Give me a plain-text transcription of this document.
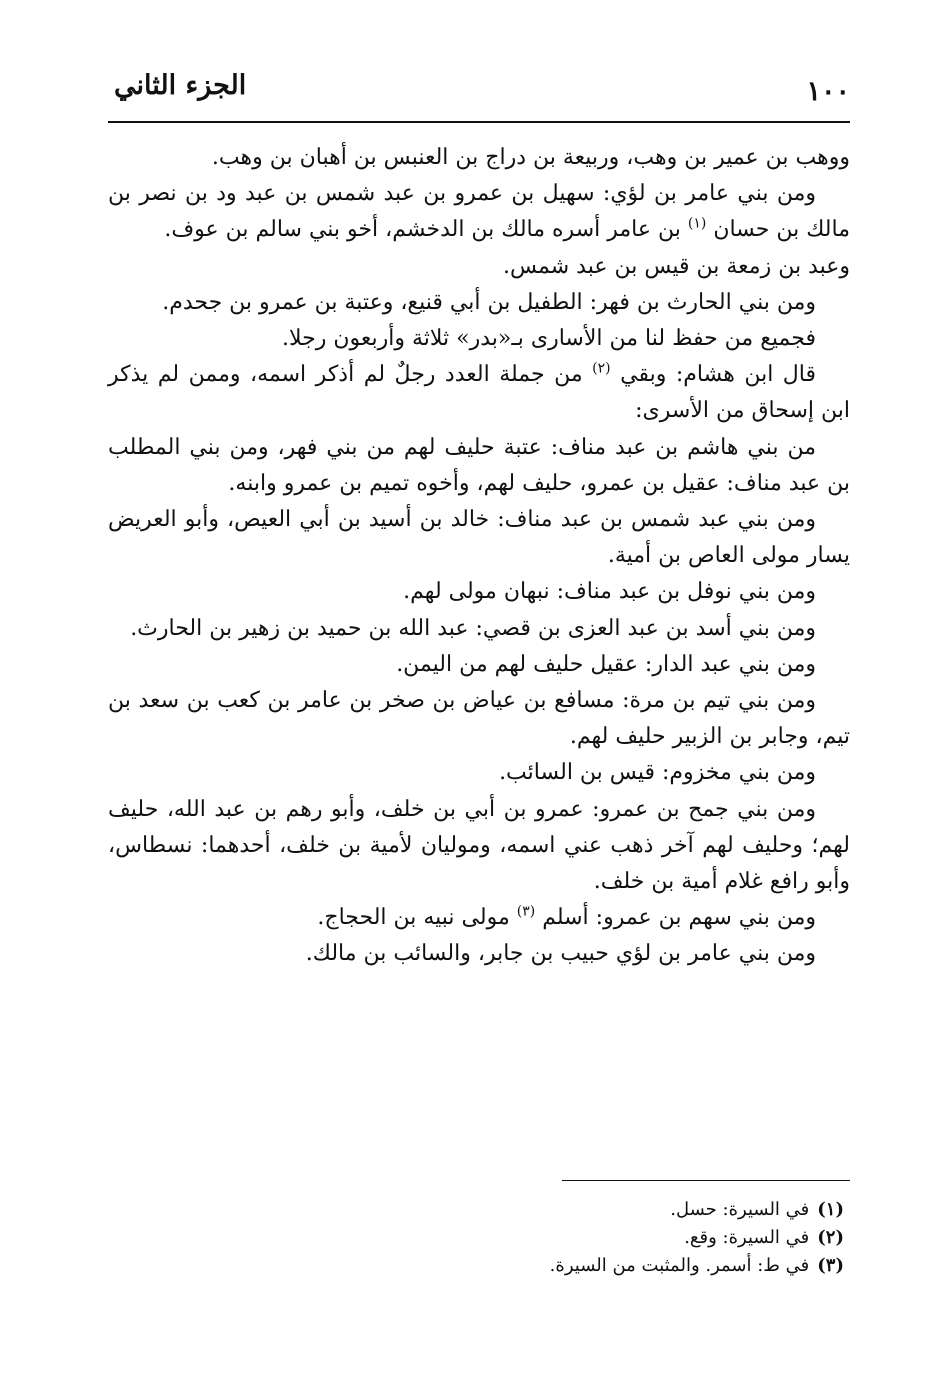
١٠٠
الجزء الثاني

ووهب بن عمير بن وهب، وربيعة بن دراج بن العنبس بن أهبان بن وهب.

ومن بني عامر بن لؤي: سهيل بن عمرو بن عبد شمس بن عبد ود بن نصر بن مالك بن حسان $^{(١)}$ بن عامر أسره مالك بن الدخشم، أخو بني سالم بن عوف.

وعبد بن زمعة بن قيس بن عبد شمس.

ومن بني الحارث بن فهر: الطفيل بن أبي قنيع، وعتبة بن عمرو بن جحدم.

فجميع من حفظ لنا من الأسارى بـ«بدر» ثلاثة وأربعون رجلا.

قال ابن هشام: وبقي $^{(٢)}$ من جملة العدد رجلٌ لم أذكر اسمه، وممن لم يذكر ابن إسحاق من الأسرى:

من بني هاشم بن عبد مناف: عتبة حليف لهم من بني فهر، ومن بني المطلب بن عبد مناف: عقيل بن عمرو، حليف لهم، وأخوه تميم بن عمرو وابنه.

ومن بني عبد شمس بن عبد مناف: خالد بن أسيد بن أبي العيص، وأبو العريض يسار مولى العاص بن أمية.

ومن بني نوفل بن عبد مناف: نبهان مولى لهم.

ومن بني أسد بن عبد العزى بن قصي: عبد الله بن حميد بن زهير بن الحارث.

ومن بني عبد الدار: عقيل حليف لهم من اليمن.

ومن بني تيم بن مرة: مسافع بن عياض بن صخر بن عامر بن كعب بن سعد بن تيم، وجابر بن الزبير حليف لهم.

ومن بني مخزوم: قيس بن السائب.

ومن بني جمح بن عمرو: عمرو بن أبي بن خلف، وأبو رهم بن عبد الله، حليف لهم؛ وحليف لهم آخر ذهب عني اسمه، ومولیان لأمية بن خلف، أحدهما: نسطاس، وأبو رافع غلام أمية بن خلف.

ومن بني سهم بن عمرو: أسلم $^{(٣)}$ مولى نبيه بن الحجاج.

ومن بني عامر بن لؤي حبيب بن جابر، والسائب بن مالك.

(١)في السيرة: حسل.

(٢)في السيرة: وقع.

(٣)في ط: أسمر. والمثبت من السيرة.
